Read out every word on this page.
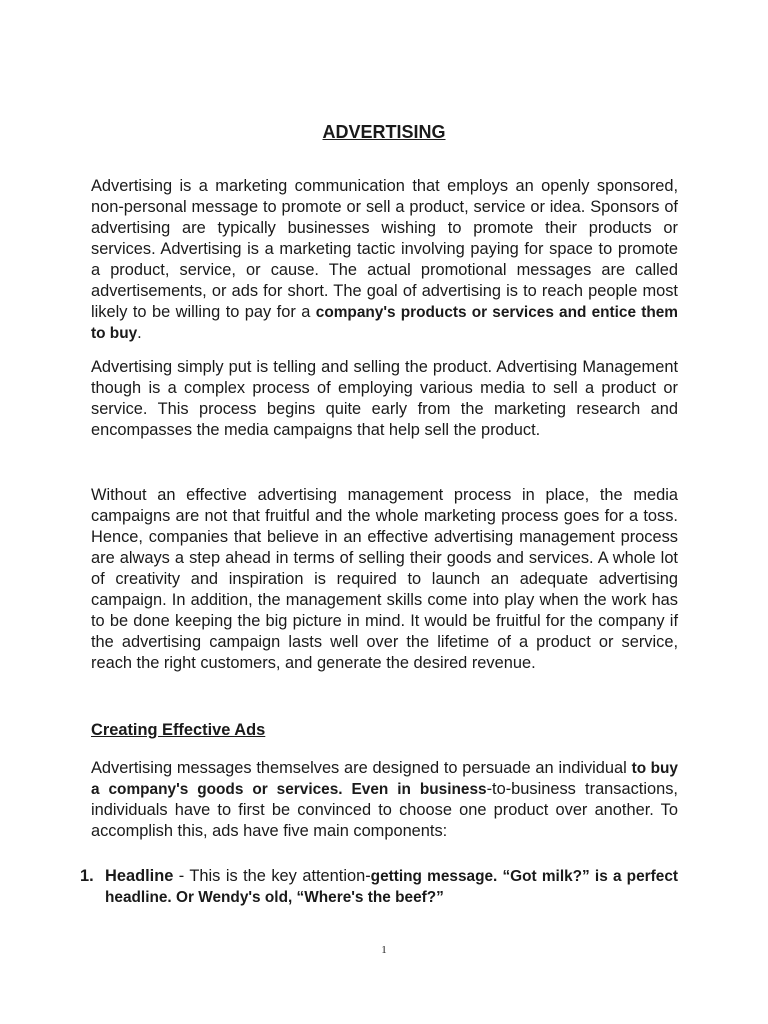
ADVERTISING

Advertising is a marketing communication that employs an openly sponsored, non-personal message to promote or sell a product, service or idea. Sponsors of advertising are typically businesses wishing to promote their products or services. Advertising is a marketing tactic involving paying for space to promote a product, service, or cause. The actual promotional messages are called advertisements, or ads for short. The goal of advertising is to reach people most likely to be willing to pay for a company's products or services and entice them to buy.

Advertising simply put is telling and selling the product. Advertising Management though is a complex process of employing various media to sell a product or service. This process begins quite early from the marketing research and encompasses the media campaigns that help sell the product.

Without an effective advertising management process in place, the media campaigns are not that fruitful and the whole marketing process goes for a toss. Hence, companies that believe in an effective advertising management process are always a step ahead in terms of selling their goods and services. A whole lot of creativity and inspiration is required to launch an adequate advertising campaign. In addition, the management skills come into play when the work has to be done keeping the big picture in mind. It would be fruitful for the company if the advertising campaign lasts well over the lifetime of a product or service, reach the right customers, and generate the desired revenue.

Creating Effective Ads

Advertising messages themselves are designed to persuade an individual to buy a company's goods or services. Even in business-to-business transactions, individuals have to first be convinced to choose one product over another. To accomplish this, ads have five main components:

1. Headline - This is the key attention-getting message. “Got milk?” is a perfect headline. Or Wendy's old, “Where's the beef?”
1
